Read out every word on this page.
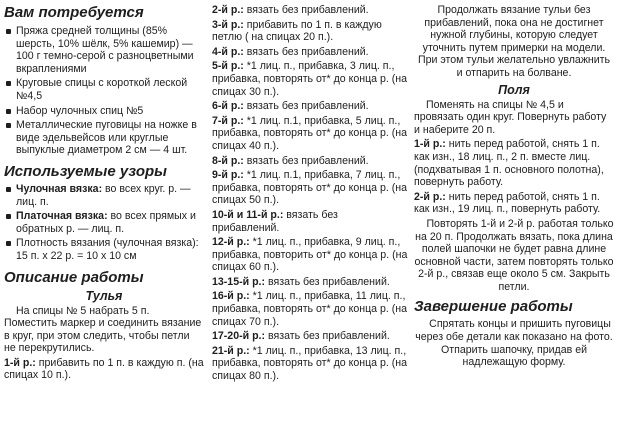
Вам потребуется
Пряжа средней толщины (85% шерсть, 10% шёлк, 5% кашемир) — 100 г темно-серой с разноцветными вкраплениями
Круговые спицы с короткой леской №4,5
Набор чулочных спиц №5
Металлические пуговицы на ножке в виде эдельвейсов или круглые выпуклые диаметром 2 см — 4 шт.
Используемые узоры
Чулочная вязка: во всех круг. р. — лиц. п.
Платочная вязка: во всех прямых и обратных р. — лиц. п.
Плотность вязания (чулочная вязка): 15 п. x 22 р. = 10 x 10 см
Описание работы
Тулья
На спицы № 5 набрать 5 п. Поместить маркер и соединить вязание в круг, при этом следить, чтобы петли не перекрутились.
1-й р.: прибавить по 1 п. в каждую п. (на спицах 10 п.).
2-й р.: вязать без прибавлений.
3-й р.: прибавить по 1 п. в каждую петлю ( на спицах 20 п.).
4-й р.: вязать без прибавлений.
5-й р.: *1 лиц. п., прибавка, 3 лиц. п., прибавка, повторять от* до конца р. (на спицах 30 п.).
6-й р.: вязать без прибавлений.
7-й р.: *1 лиц. п.1, прибавка, 5 лиц. п., прибавка, повторять от* до конца р. (на спицах 40 п.).
8-й р.: вязать без прибавлений.
9-й р.: *1 лиц. п.1, прибавка, 7 лиц. п., прибавка, повторять от* до конца р. (на спицах 50 п.).
10-й и 11-й р.: вязать без прибавлений.
12-й р.: *1 лиц. п., прибавка, 9 лиц. п., прибавка, повторить от* до конца р. (на спицах 60 п.).
13-15-й р.: вязать без прибавлений.
16-й р.: *1 лиц. п., прибавка, 11 лиц. п., прибавка, повторять от* до конца р. (на спицах 70 п.).
17-20-й р.: вязать без прибавлений.
21-й р.: *1 лиц. п., прибавка, 13 лиц. п., прибавка, повторять от* до конца р. (на спицах 80 п.).
Продолжать вязание тульи без прибавлений, пока она не достигнет нужной глубины, которую следует уточнить путем примерки на модели. При этом тульи желательно увлажнить и отпарить на болване.
Поля
Поменять на спицы № 4,5 и провязать один круг. Повернуть работу и наберите 20 п.
1-й р.: нить перед работой, снять 1 п. как изн., 18 лиц. п., 2 п. вместе лиц. (подхватывая 1 п. основного полотна), повернуть работу.
2-й р.: нить перед работой, снять 1 п. как изн., 19 лиц. п., повернуть работу.
Повторять 1-й и 2-й р. работая только на 20 п. Продолжать вязать, пока длина полей шапочки не будет равна длине основной части, затем повторять только 2-й р., связав еще около 5 см. Закрыть петли.
Завершение работы
Спрятать концы и пришить пуговицы через обе детали как показано на фото. Отпарить шапочку, придав ей надлежащую форму.
